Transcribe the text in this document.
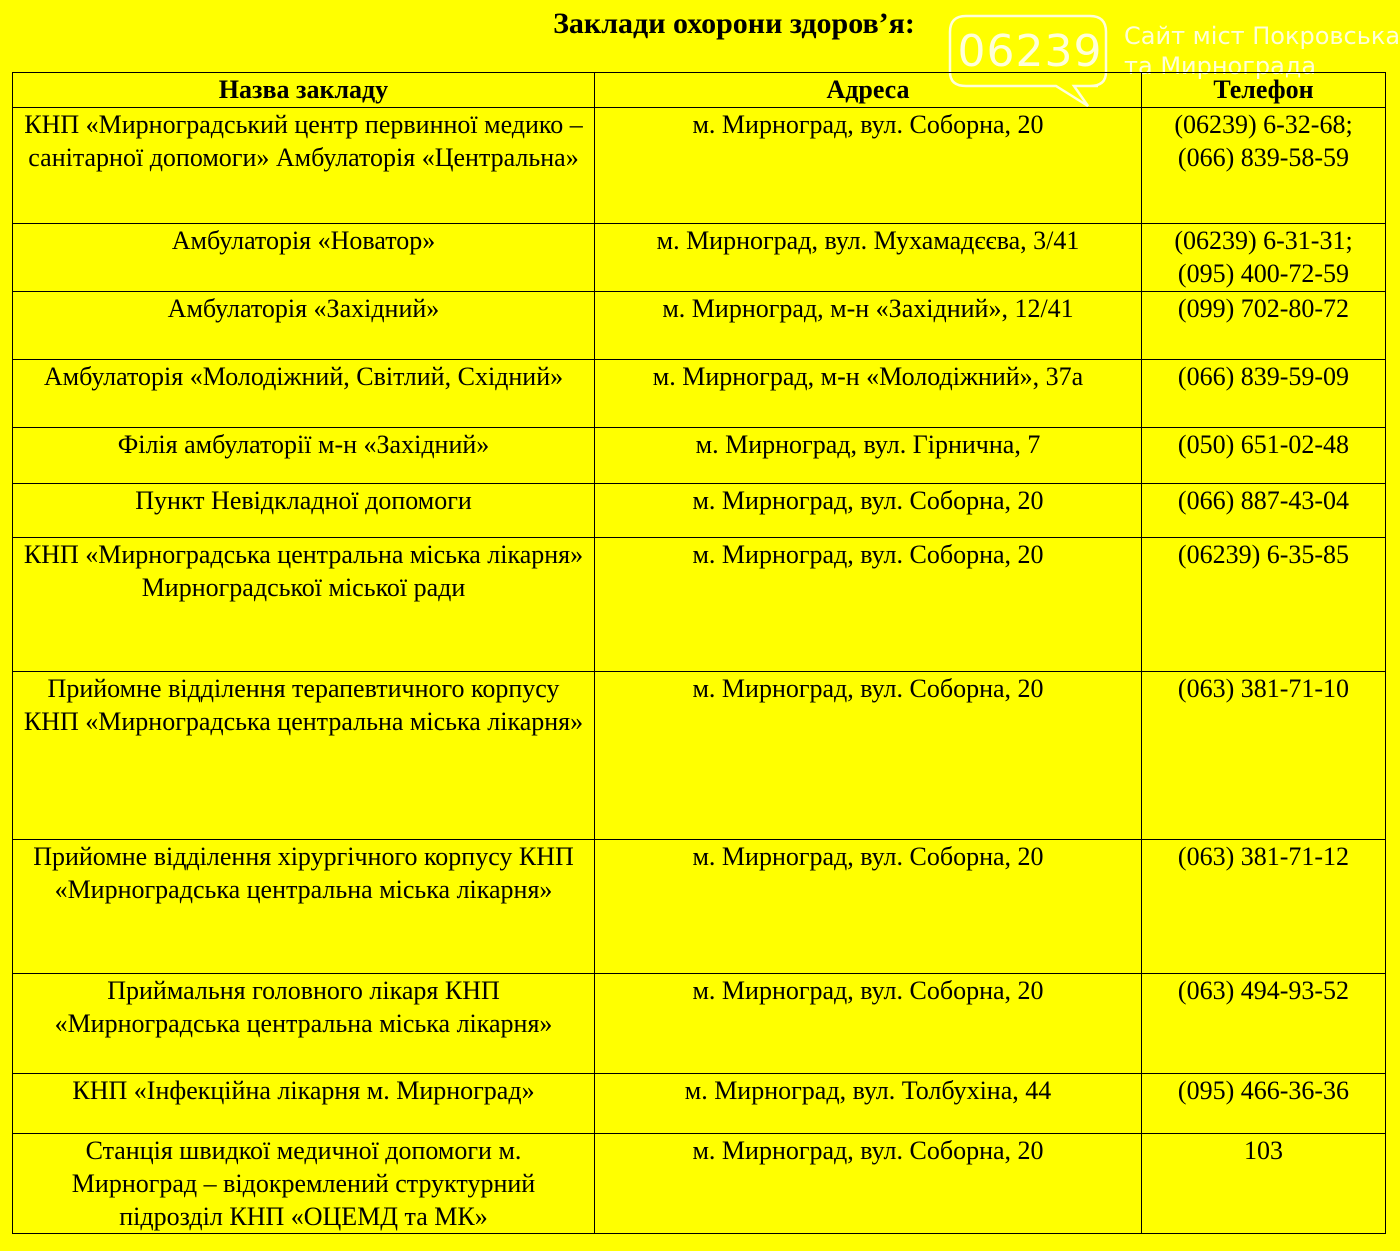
Заклади охорони здоров’я:
06239 Сайт міст Покровська
та Мирнограда
Назва закладу	Адреса	Телефон
КНП «Мирноградський центр первинної медико – санітарної допомоги» Амбулаторія «Центральна»	м. Мирноград, вул. Соборна, 20	(06239) 6-32-68;
(066) 839-58-59

Амбулаторія «Новатор»	м. Мирноград, вул. Мухамадєєва, 3/41	(06239) 6-31-31;
(095) 400-72-59

Амбулаторія «Західний»	м. Мирноград, м-н «Західний», 12/41	(099) 702-80-72

Амбулаторія «Молодіжний, Світлий, Східний»	м. Мирноград, м-н «Молодіжний», 37а	(066) 839-59-09

Філія амбулаторії м-н «Західний»	м. Мирноград, вул. Гірнична, 7	(050) 651-02-48

Пункт Невідкладної допомоги	м. Мирноград, вул. Соборна, 20	(066) 887-43-04

КНП «Мирноградська центральна міська лікарня» Мирноградської міської ради	м. Мирноград, вул. Соборна, 20	(06239) 6-35-85

Прийомне відділення терапевтичного корпусу КНП «Мирноградська центральна міська лікарня»	м. Мирноград, вул. Соборна, 20	(063) 381-71-10

Прийомне відділення хірургічного корпусу КНП «Мирноградська центральна міська лікарня»	м. Мирноград, вул. Соборна, 20	(063) 381-71-12

Приймальня головного лікаря КНП «Мирноградська центральна міська лікарня»	м. Мирноград, вул. Соборна, 20	(063) 494-93-52

КНП «Інфекційна лікарня м. Мирноград»	м. Мирноград, вул. Толбухіна, 44	(095) 466-36-36

Станція швидкої медичної допомоги м. Мирноград – відокремлений структурний підрозділ КНП «ОЦЕМД та МК»	м. Мирноград, вул. Соборна, 20	103
